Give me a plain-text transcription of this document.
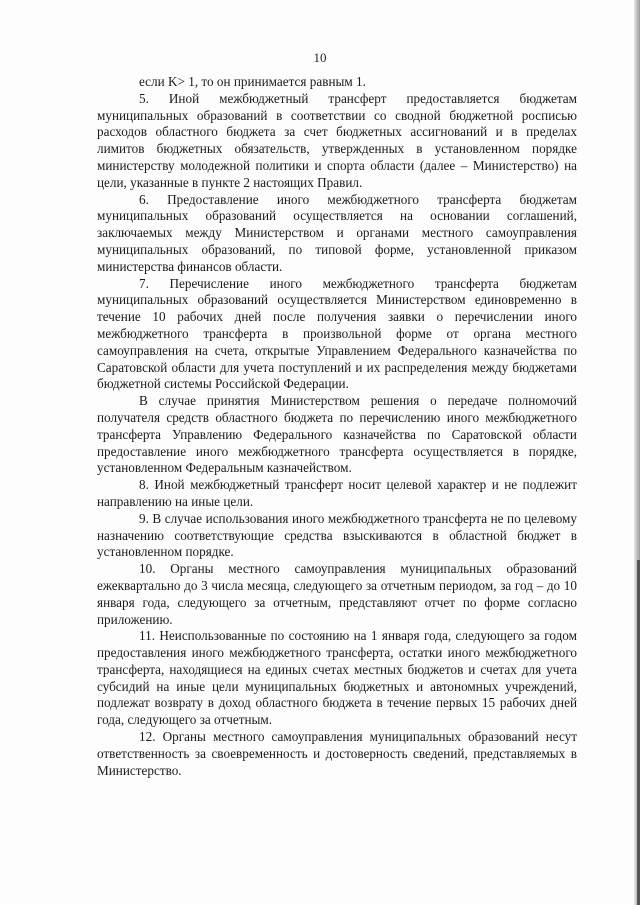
10

если K> 1, то он принимается равным 1.

5. Иной межбюджетный трансферт предоставляется бюджетам муниципальных образований в соответствии со сводной бюджетной росписью расходов областного бюджета за счет бюджетных ассигнований и в пределах лимитов бюджетных обязательств, утвержденных в установленном порядке министерству молодежной политики и спорта области (далее – Министерство) на цели, указанные в пункте 2 настоящих Правил.

6. Предоставление иного межбюджетного трансферта бюджетам муниципальных образований осуществляется на основании соглашений, заключаемых между Министерством и органами местного самоуправления муниципальных образований, по типовой форме, установленной приказом министерства финансов области.

7. Перечисление иного межбюджетного трансферта бюджетам муниципальных образований осуществляется Министерством единовременно в течение 10 рабочих дней после получения заявки о перечислении иного межбюджетного трансферта в произвольной форме от органа местного самоуправления на счета, открытые Управлением Федерального казначейства по Саратовской области для учета поступлений и их распределения между бюджетами бюджетной системы Российской Федерации.

В случае принятия Министерством решения о передаче полномочий получателя средств областного бюджета по перечислению иного межбюджетного трансферта Управлению Федерального казначейства по Саратовской области предоставление иного межбюджетного трансферта осуществляется в порядке, установленном Федеральным казначейством.

8. Иной межбюджетный трансферт носит целевой характер и не подлежит направлению на иные цели.

9. В случае использования иного межбюджетного трансферта не по целевому назначению соответствующие средства взыскиваются в областной бюджет в установленном порядке.

10. Органы местного самоуправления муниципальных образований ежеквартально до 3 числа месяца, следующего за отчетным периодом, за год – до 10 января года, следующего за отчетным, представляют отчет по форме согласно приложению.

11. Неиспользованные по состоянию на 1 января года, следующего за годом предоставления иного межбюджетного трансферта, остатки иного межбюджетного трансферта, находящиеся на единых счетах местных бюджетов и счетах для учета субсидий на иные цели муниципальных бюджетных и автономных учреждений, подлежат возврату в доход областного бюджета в течение первых 15 рабочих дней года, следующего за отчетным.

12. Органы местного самоуправления муниципальных образований несут ответственность за своевременность и достоверность сведений, представляемых в Министерство.
